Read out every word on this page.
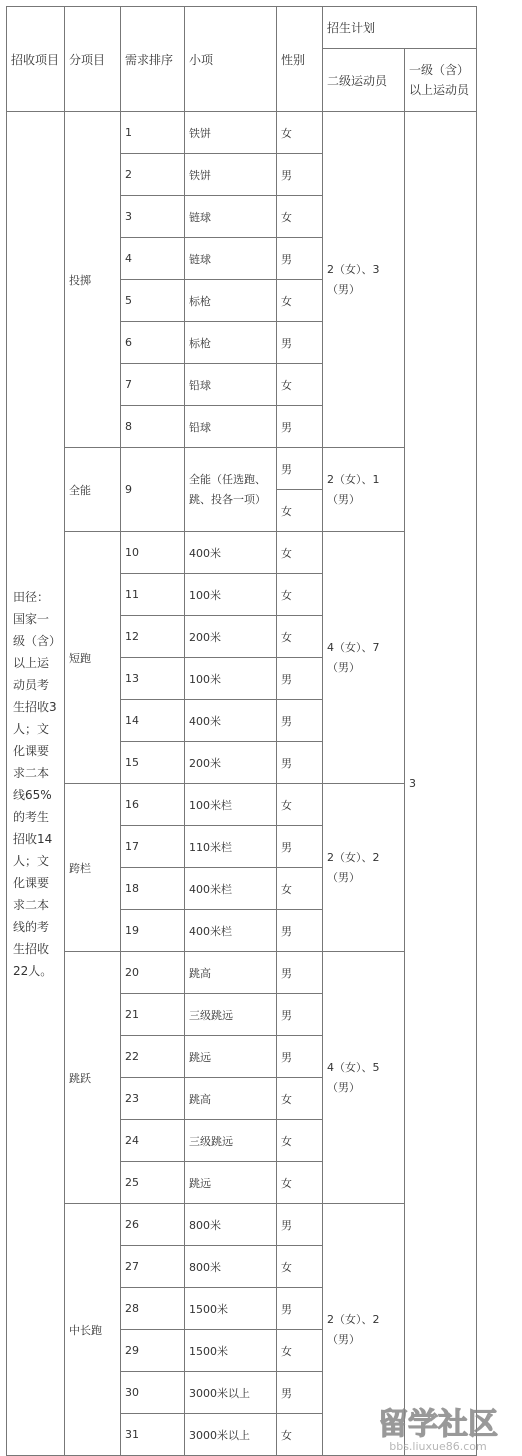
招收项目	分项目	需求排序	小项	性别	招生计划	
					二级运动员	一级（含）以上运动员
田径：国家一级（含）以上运动员考生招收3人；文化课要求二本线65%的考生招收14人；文化课要求二本线的考生招收22人。	投掷	1	铁饼	女	2（女）、3（男）	3
		2	铁饼	男		
		3	链球	女		
		4	链球	男		
		5	标枪	女		
		6	标枪	男		
		7	铅球	女		
		8	铅球	男		
	全能	9	全能（任选跑、跳、投各一项）	男	2（女）、1（男）	
				女		
	短跑	10	400米	女	4（女）、7（男）	
		11	100米	女		
		12	200米	女		
		13	100米	男		
		14	400米	男		
		15	200米	男		
	跨栏	16	100米栏	女	2（女）、2（男）	
		17	110米栏	男		
		18	400米栏	女		
		19	400米栏	男		
	跳跃	20	跳高	男	4（女）、5（男）	
		21	三级跳远	男		
		22	跳远	男		
		23	跳高	女		
		24	三级跳远	女		
		25	跳远	女		
	中长跑	26	800米	男	2（女）、2（男）	
		27	800米	女		
		28	1500米	男		
		29	1500米	女		
		30	3000米以上	男		
		31	3000米以上	女			留学社区
bbs.liuxue86.com
